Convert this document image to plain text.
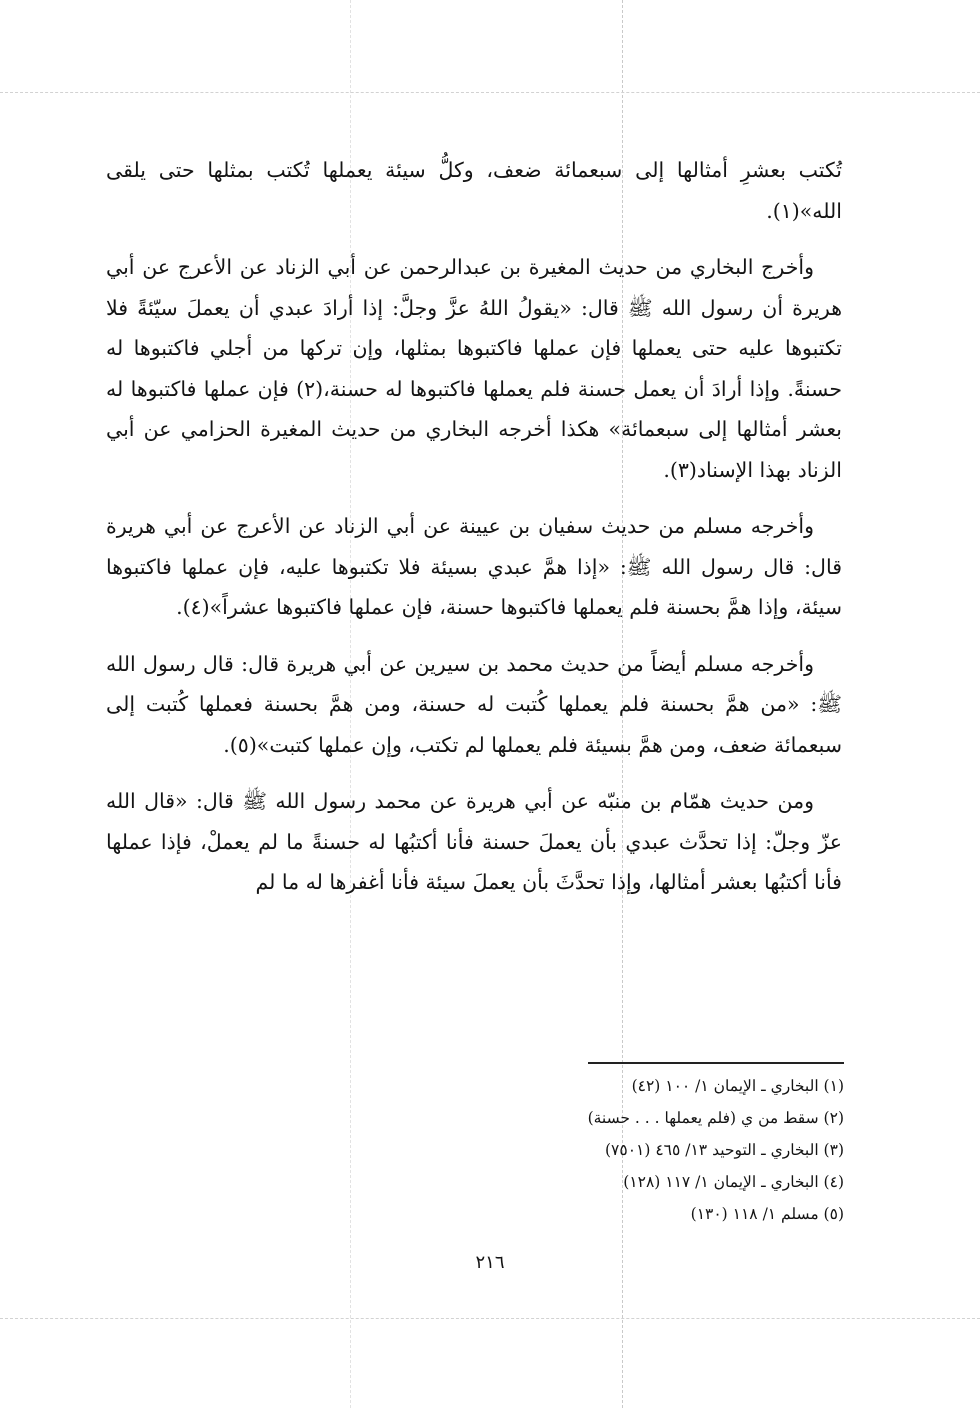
تُكتب بعشرِ أمثالها إلى سبعمائة ضعف، وكلُّ سيئة يعملها تُكتب بمثلها حتى يلقى الله»(١).

وأخرج البخاري من حديث المغيرة بن عبدالرحمن عن أبي الزناد عن الأعرج عن أبي هريرة أن رسول الله ﷺ قال: «يقولُ اللهُ عزَّ وجلَّ: إذا أرادَ عبدي أن يعملَ سيّئةً فلا تكتبوها عليه حتى يعملها فإن عملها فاكتبوها بمثلها، وإن تركها من أجلي فاكتبوها له حسنةً. وإذا أرادَ أن يعمل حسنة فلم يعملها فاكتبوها له حسنة،(٢) فإن عملها فاكتبوها له بعشر أمثالها إلى سبعمائة» هكذا أخرجه البخاري من حديث المغيرة الحزامي عن أبي الزناد بهذا الإسناد(٣).

وأخرجه مسلم من حديث سفيان بن عيينة عن أبي الزناد عن الأعرج عن أبي هريرة قال: قال رسول الله ﷺ: «إذا همَّ عبدي بسيئة فلا تكتبوها عليه، فإن عملها فاكتبوها سيئة، وإذا همَّ بحسنة فلم يعملها فاكتبوها حسنة، فإن عملها فاكتبوها عشراً»(٤).

وأخرجه مسلم أيضاً من حديث محمد بن سيرين عن أبي هريرة قال: قال رسول الله ﷺ: «من همَّ بحسنة فلم يعملها كُتبت له حسنة، ومن همَّ بحسنة فعملها كُتبت إلى سبعمائة ضعف، ومن همَّ بسيئة فلم يعملها لم تكتب، وإن عملها كتبت»(٥).

ومن حديث همّام بن منبّه عن أبي هريرة عن محمد رسول الله ﷺ قال: «قال الله عزّ وجلّ: إذا تحدَّث عبدي بأن يعملَ حسنة فأنا أكتبُها له حسنةً ما لم يعملْ، فإذا عملها فأنا أكتبُها بعشر أمثالها، وإذا تحدَّثَ بأن يعملَ سيئة فأنا أغفرها له ما لم

(١) البخاري ـ الإيمان ١/ ١٠٠ (٤٢)

(٢) سقط من ي (فلم يعملها . . . حسنة)

(٣) البخاري ـ التوحيد ١٣/ ٤٦٥ (٧٥٠١)

(٤) البخاري ـ الإيمان ١/ ١١٧ (١٢٨)

(٥) مسلم ١/ ١١٨ (١٣٠)

٢١٦
